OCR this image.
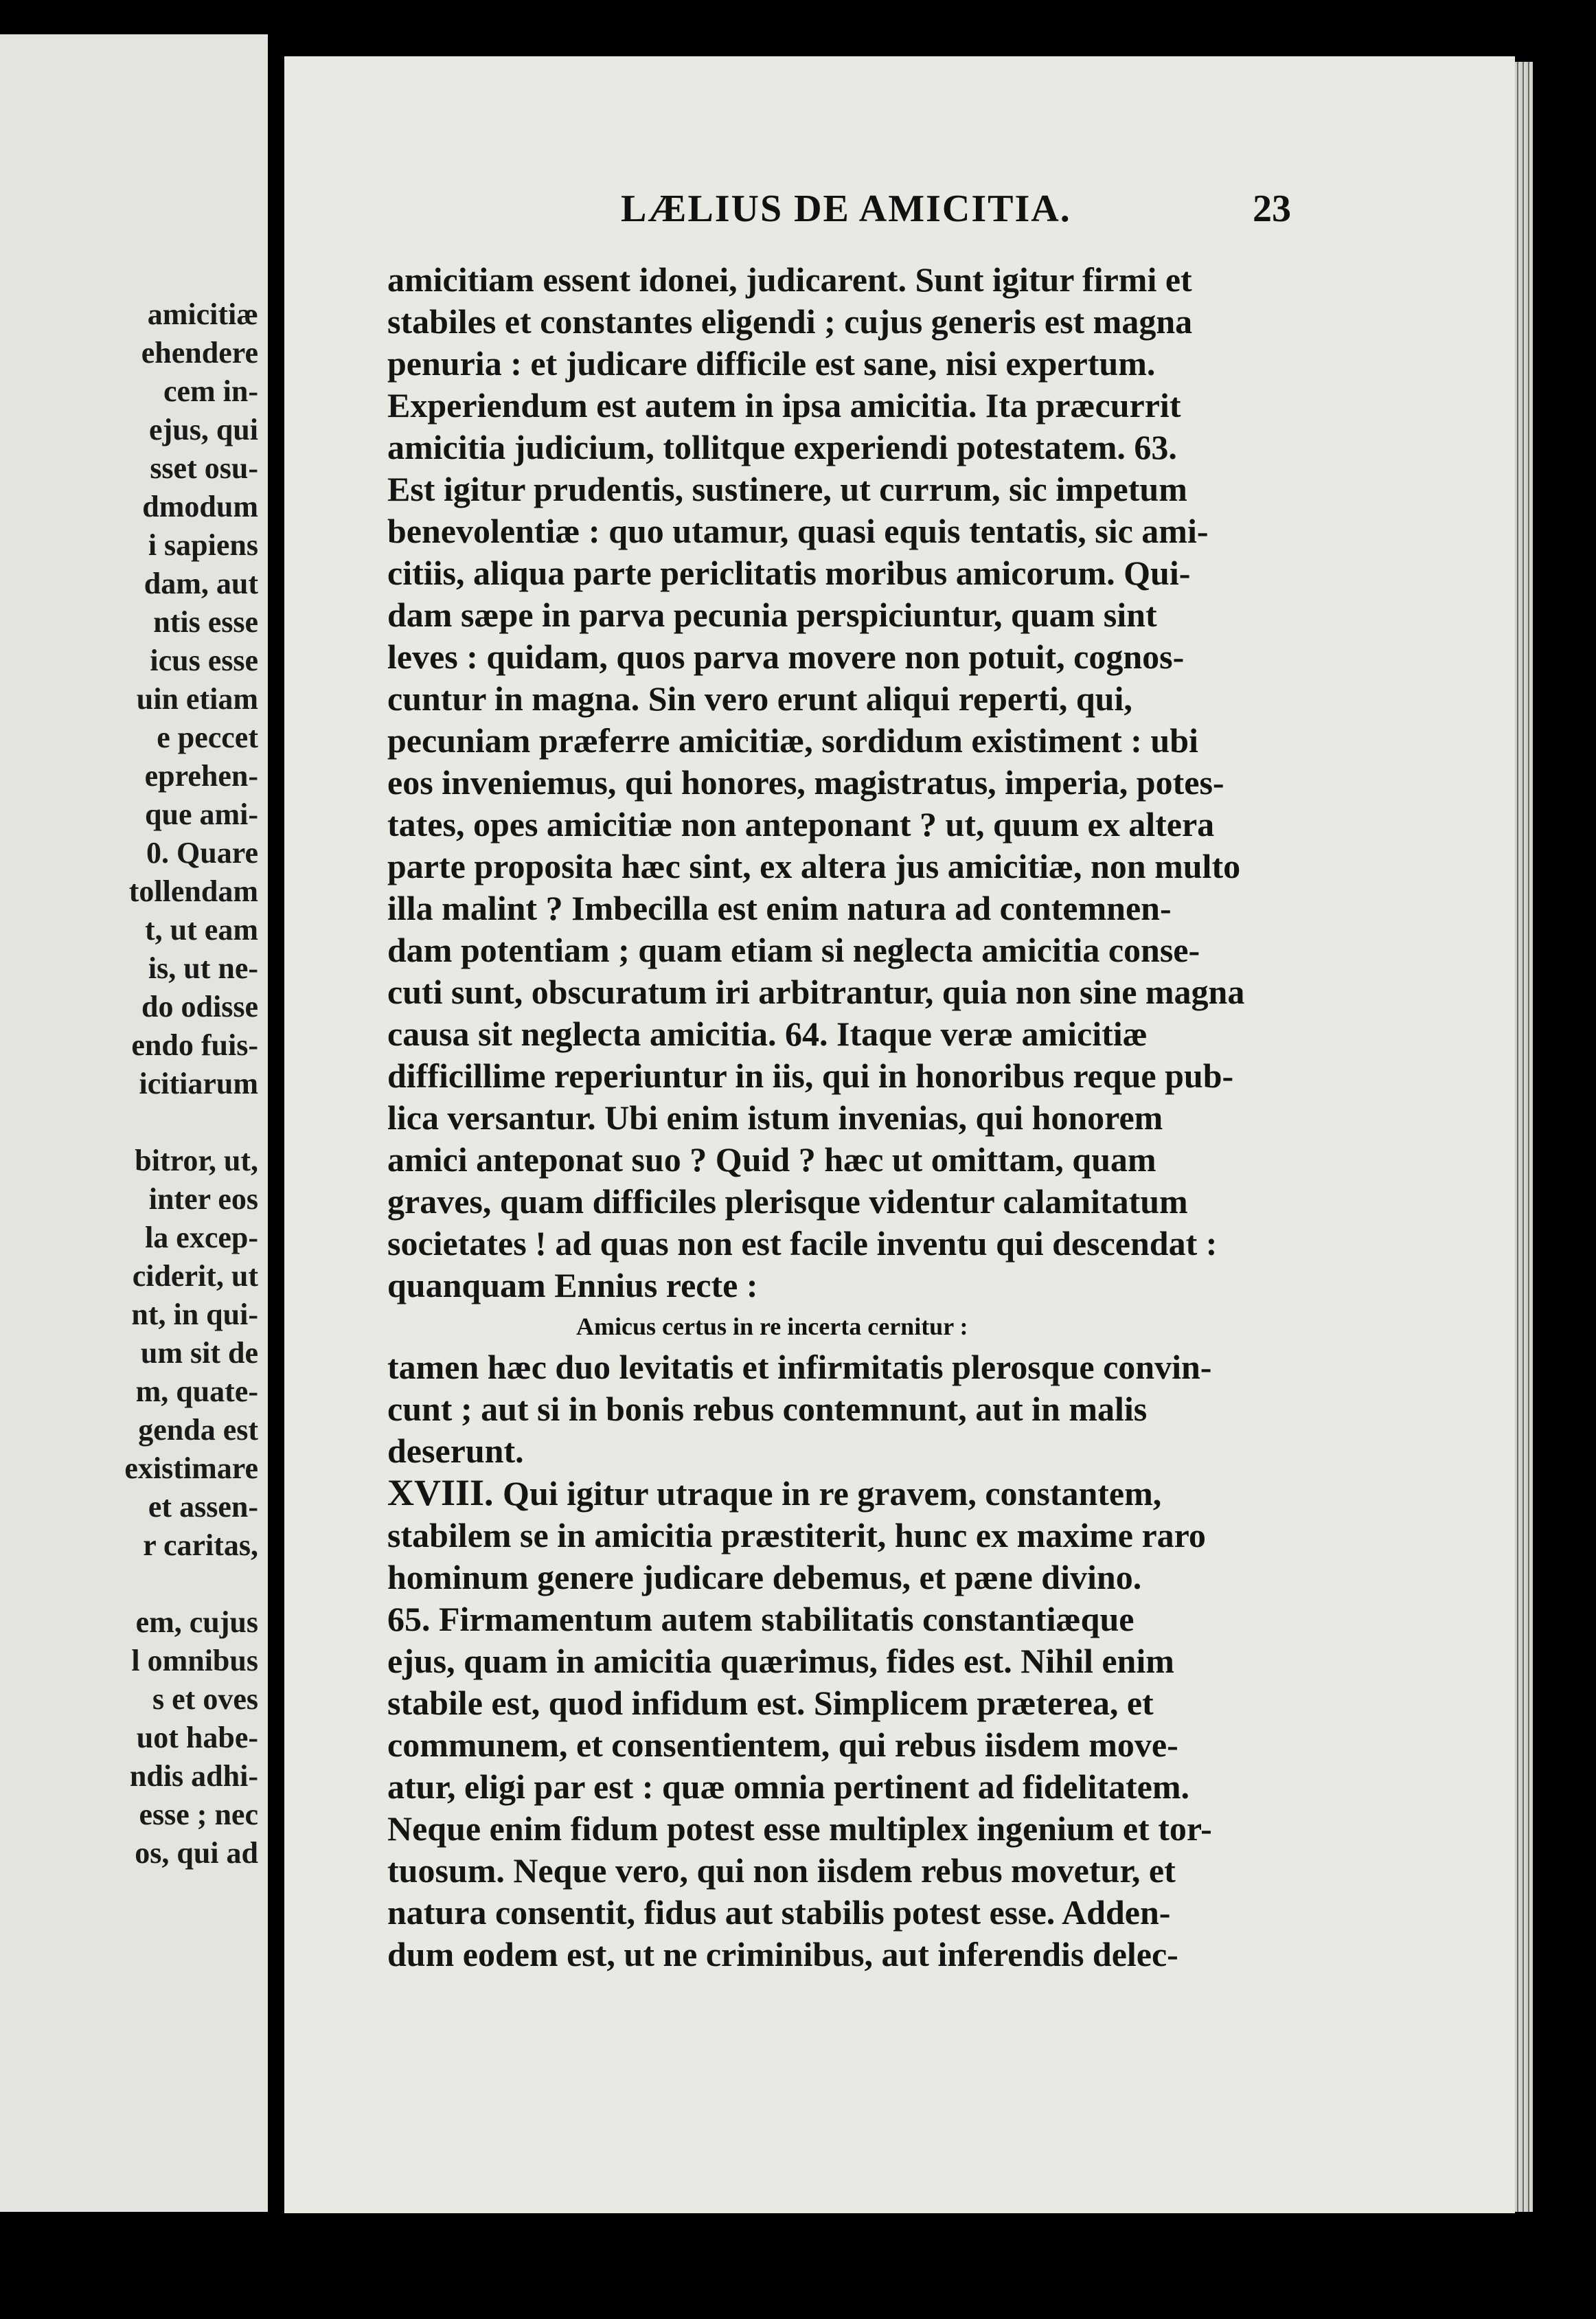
amicitiæ
ehendere
cem in-
ejus, qui
sset osu-
dmodum
i sapiens
dam, aut
ntis esse
icus esse
uin etiam
e peccet
eprehen-
que ami-
0. Quare
tollendam
t, ut eam
is, ut ne-
do odisse
endo fuis-
icitiarum
bitror, ut,
inter eos
la excep-
ciderit, ut
nt, in qui-
um sit de
m, quate-
genda est
existimare
et assen-
r caritas,
em, cujus
l omnibus
s et oves
uot habe-
ndis adhi-
esse ; nec
os, qui ad
LÆLIUS DE AMICITIA.	23
amicitiam essent idonei, judicarent. Sunt igitur firmi et
stabiles et constantes eligendi ; cujus generis est magna
penuria : et judicare difficile est sane, nisi expertum.
Experiendum est autem in ipsa amicitia. Ita præcurrit
amicitia judicium, tollitque experiendi potestatem. 63.
Est igitur prudentis, sustinere, ut currum, sic impetum
benevolentiæ : quo utamur, quasi equis tentatis, sic ami-
citiis, aliqua parte periclitatis moribus amicorum. Qui-
dam sæpe in parva pecunia perspiciuntur, quam sint
leves : quidam, quos parva movere non potuit, cognos-
cuntur in magna. Sin vero erunt aliqui reperti, qui,
pecuniam præferre amicitiæ, sordidum existiment : ubi
eos inveniemus, qui honores, magistratus, imperia, potes-
tates, opes amicitiæ non anteponant ? ut, quum ex altera
parte proposita hæc sint, ex altera jus amicitiæ, non multo
illa malint ? Imbecilla est enim natura ad contemnen-
dam potentiam ; quam etiam si neglecta amicitia conse-
cuti sunt, obscuratum iri arbitrantur, quia non sine magna
causa sit neglecta amicitia. 64. Itaque veræ amicitiæ
difficillime reperiuntur in iis, qui in honoribus reque pub-
lica versantur. Ubi enim istum invenias, qui honorem
amici anteponat suo ? Quid ? hæc ut omittam, quam
graves, quam difficiles plerisque videntur calamitatum
societates ! ad quas non est facile inventu qui descendat :
quanquam Ennius recte :
Amicus certus in re incerta cernitur :
tamen hæc duo levitatis et infirmitatis plerosque convin-
cunt ; aut si in bonis rebus contemnunt, aut in malis
deserunt.
XVIII. Qui igitur utraque in re gravem, constantem,
stabilem se in amicitia præstiterit, hunc ex maxime raro
hominum genere judicare debemus, et pæne divino.
65. Firmamentum autem stabilitatis constantiæque
ejus, quam in amicitia quærimus, fides est. Nihil enim
stabile est, quod infidum est. Simplicem præterea, et
communem, et consentientem, qui rebus iisdem move-
atur, eligi par est : quæ omnia pertinent ad fidelitatem.
Neque enim fidum potest esse multiplex ingenium et tor-
tuosum. Neque vero, qui non iisdem rebus movetur, et
natura consentit, fidus aut stabilis potest esse. Adden-
dum eodem est, ut ne criminibus, aut inferendis delec-
